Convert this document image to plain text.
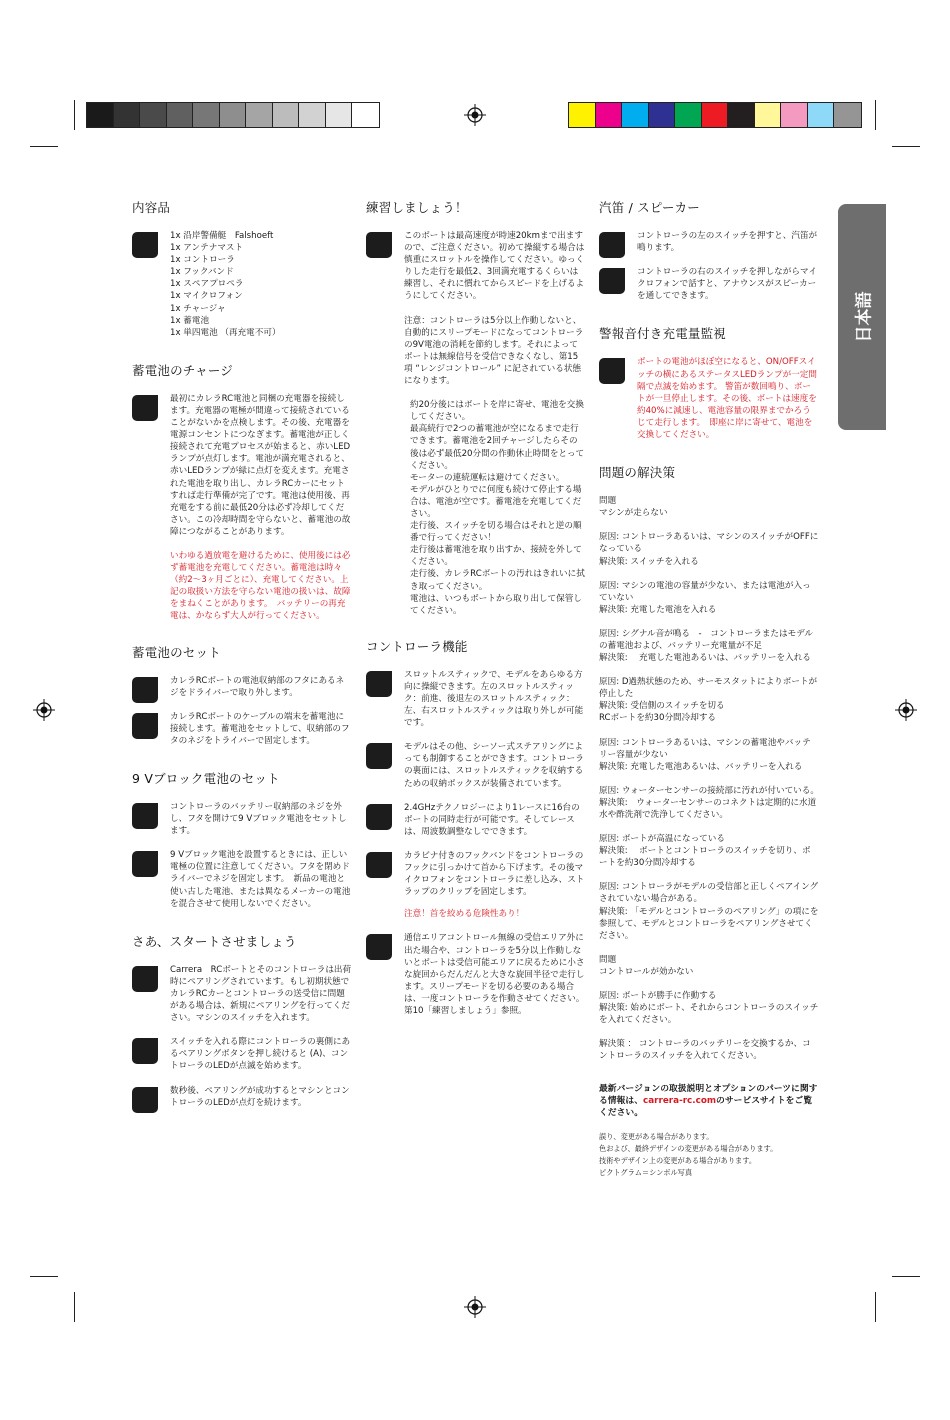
日本語
内容品
1x 沿岸警備艇　Falshoeft
1x アンテナマスト
1x コントローラ
1x フックバンド
1x スペアプロペラ
1x マイクロフォン
1x チャージャ
1x 蓄電池
1x 単四電池 （再充電不可）
蓄電池のチャージ

最初にカレラRC電池と同梱の充電器を接続します。充電器の電極が間違って接続されていることがないかを点検します。その後、充電器を電源コンセントにつなぎます。蓄電池が正しく接続されて充電プロセスが始まると、赤いLEDランプが点灯します。電池が満充電されると、赤いLEDランプが緑に点灯を変えます。充電された電池を取り出し、カレラRCカーにセットすれば走行準備が完了です。電池は使用後、再充電をする前に最低20分は必ず冷却してください。この冷却時間を守らないと、蓄電池の故障につながることがあります。

いわゆる過放電を避けるために、使用後には必ず蓄電池を充電してください。蓄電池は時々（約2～3ヶ月ごとに）、充電してください。上記の取扱い方法を守らない電池の扱いは、故障をまねくことがあります。　バッテリーの再充電は、かならず大人が行ってください。

蓄電池のセット

カレラRCボートの電池収納部のフタにあるネジをドライバーで取り外します。

カレラRCボートのケーブルの端末を蓄電池に接続します。蓄電池をセットして、収納部のフタのネジをトライバーで固定します。

9 Vブロック電池のセット

コントローラのバッテリー収納部のネジを外し、フタを開けて9 Vブロック電池をセットします。

9 Vブロック電池を設置するときには、正しい電極の位置に注意してください。フタを閉めドライバーでネジを固定します。　新品の電池と使い古した電池、または異なるメーカーの電池を混合させて使用しないでください。

さあ、スタートさせましょう

Carrera　RCボートとそのコントローラは出荷時にペアリングされています。もし初期状態でカレラRCカーとコントローラの送受信に問題がある場合は、新規にペアリングを行ってください。マシンのスイッチを入れます。

スイッチを入れる際にコントローラの裏側にあるペアリングボタンを押し続けると (A)、コントローラのLEDが点滅を始めます。

数秒後、ペアリングが成功するとマシンとコントローラのLEDが点灯を続けます。

練習しましょう！

このボートは最高速度が時速20kmまで出ますので、ご注意ください。初めて操縦する場合は慎重にスロットルを操作してください。ゆっくりした走行を最低2、3回満充電するくらいは練習し、それに慣れてからスピードを上げるようにしてください。

注意：コントローラは5分以上作動しないと、自動的にスリープモードになってコントローラの9V電池の消耗を節約します。それによってボートは無線信号を受信できなくなし、第15項 “レンジコントロール” に記されている状態になります。

約20分後にはボートを岸に寄せ、電池を交換してください。
最高続行で2つの蓄電池が空になるまで走行できます。蓄電池を2回チャージしたらその後は必ず最低20分間の作動休止時間をとってください。
モーターの連続運転は避けてください。
モデルがひとりでに何度も続けて停止する場合は、電池が空です。蓄電池を充電してください。
走行後、スイッチを切る場合はそれと逆の順番で行ってください！
走行後は蓄電池を取り出すか、接続を外してください。
走行後、カレラRCボートの汚れはきれいに拭き取ってください。
電池は、いつもボートから取り出して保管してください。
コントローラ機能

スロットルスティックで、モデルをあらゆる方向に操縦できます。左のスロットルスティック：前進、後退左のスロットルスティック：左、右スロットルスティックは取り外しが可能です。

モデルはその他、シーソー式ステアリングによっても制御することができます。コントローラの裏面には、スロットルスティックを収納するための収納ボックスが装備されています。

2.4GHzテクノロジーにより1レースに16台のボートの同時走行が可能です。そしてレースは、周波数調整なしでできます。

カラビナ付きのフックバンドをコントローラのフックに引っかけて首から下げます。その後マイクロフォンをコントローラに差し込み、ストラップのクリップを固定します。

注意！首を絞める危険性あり！

通信エリアコントロール無線の受信エリア外に出た場合や、コントローラを5分以上作動しないとボートは受信可能エリアに戻るために小さな旋回からだんだんと大きな旋回半径で走行します。スリープモードを切る必要のある場合は、一度コントローラを作動させてください。 第10「練習しましょう」参照。

汽笛 / スピーカー

コントローラの左のスイッチを押すと、汽笛が鳴ります。

コントローラの右のスイッチを押しながらマイクロフォンで話すと、アナウンスがスピーカーを通してできます。

警報音付き充電量監視

ボートの電池がほぼ空になると、ON/OFFスイッチの横にあるステータスLEDランプが一定間隔で点滅を始めます。 警笛が数回鳴り、ボートが一旦停止します。その後、ボートは速度を約40%に減速し、電池容量の限界までかろうじて走行します。　即座に岸に寄せて、電池を交換してください。

問題の解決策

問題
マシンが走らない

原因: コントローラあるいは、マシンのスイッチがOFFになっている
解決策: スイッチを入れる

原因: マシンの電池の容量が少ない、または電池が入っていない
解決策: 充電した電池を入れる

原因: シグナル音が鳴る　-　コントローラまたはモデルの蓄電池および、バッテリー充電量が不足
解決策:　 充電した電池あるいは、バッテリーを入れる

原因: D過熱状態のため、サーモスタットによりボートが停止した
解決策: 受信側のスイッチを切る
RCボートを約30分間冷却する

原因: コントローラあるいは、マシンの蓄電池やバッテリー容量が少ない
解決策: 充電した電池あるいは、バッテリーを入れる

原因: ウォーターセンサーの接続部に汚れが付いている。
解決策:　ウォーターセンサーのコネクトは定期的に水道水や酢洗剤で洗浄してください。

原因: ボートが高温になっている
解決策:　 ボートとコントローラのスイッチを切り、ボートを約30分間冷却する

原因: コントローラがモデルの受信部と正しくペアイングされていない場合がある。
解決策: 「モデルとコントローラのペアリング」の項にを参照して、モデルとコントローラをペアリングさせてください。

問題
コントロールが効かない

原因: ボートが勝手に作動する
解決策: 始めにボート、それからコントローラのスイッチを入れてください。

解決策 ： コントローラのバッテリーを交換するか、コントローラのスイッチを入れてください。

最新バージョンの取扱説明とオプションのパーツに関する情報は、carrera-rc.comのサービスサイトをご覧ください。

誤り、変更がある場合があります。
色および、最終デザインの変更がある場合があります。
技術やデザイン上の変更がある場合があります。
ピクトグラム＝シンボル写真
